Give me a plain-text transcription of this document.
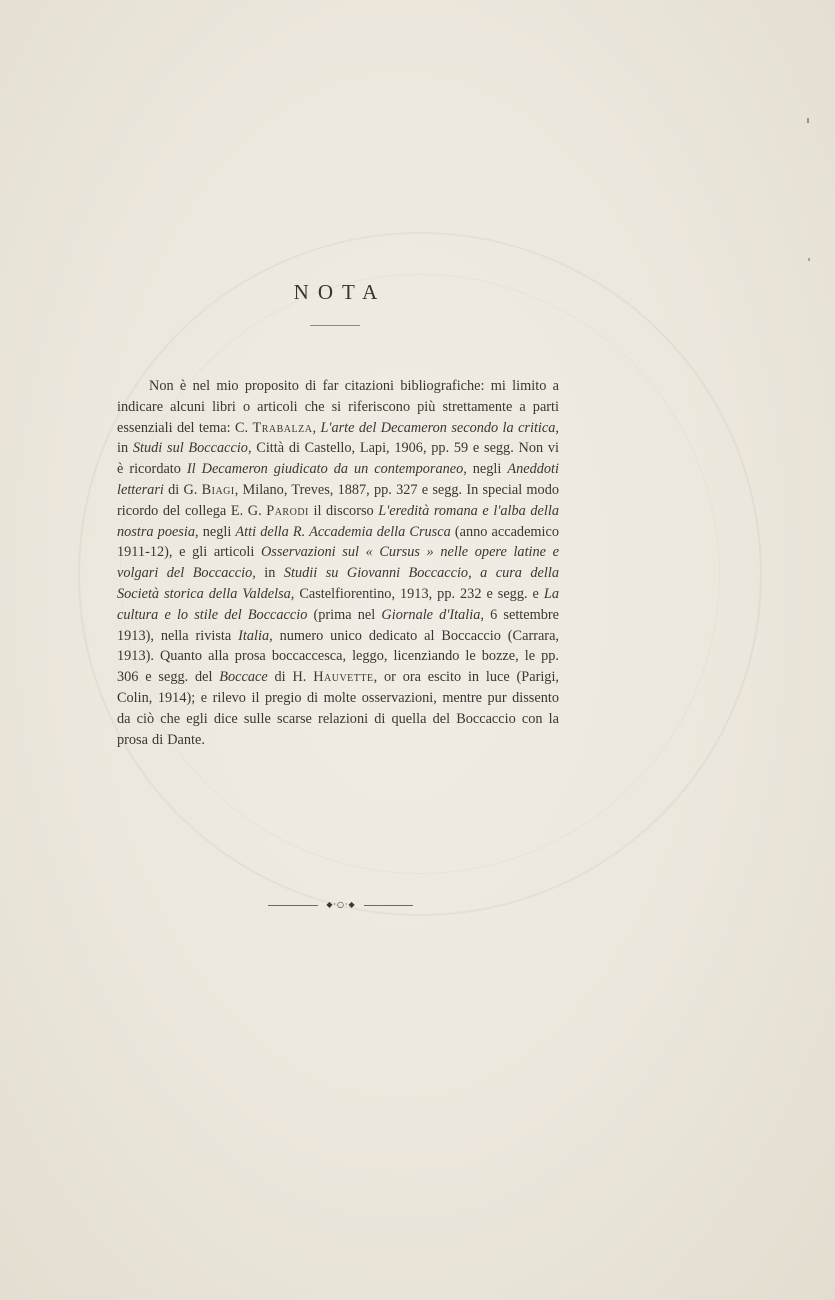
NOTA

Non è nel mio proposito di far citazioni bibliografiche: mi limito a indicare alcuni libri o articoli che si riferiscono più strettamente a parti essenziali del tema: C. Trabalza, L'arte del Decameron secondo la critica, in Studi sul Boccaccio, Città di Castello, Lapi, 1906, pp. 59 e segg. Non vi è ricordato Il Decameron giudicato da un contemporaneo, negli Aneddoti letterari di G. Biagi, Milano, Treves, 1887, pp. 327 e segg. In special modo ricordo del collega E. G. Parodi il discorso L'eredità romana e l'alba della nostra poesia, negli Atti della R. Accademia della Crusca (anno accademico 1911-12), e gli articoli Osservazioni sul « Cursus » nelle opere latine e volgari del Boccaccio, in Studii su Giovanni Boccaccio, a cura della Società storica della Valdelsa, Castelfiorentino, 1913, pp. 232 e segg. e La cultura e lo stile del Boccaccio (prima nel Giornale d'Italia, 6 settembre 1913), nella rivista Italia, numero unico dedicato al Boccaccio (Carrara, 1913). Quanto alla prosa boccaccesca, leggo, licenziando le bozze, le pp. 306 e segg. del Boccace di H. Hauvette, or ora escito in luce (Parigi, Colin, 1914); e rilevo il pregio di molte osservazioni, mentre pur dissento da ciò che egli dice sulle scarse relazioni di quella del Boccaccio con la prosa di Dante.

◆·○·◆
